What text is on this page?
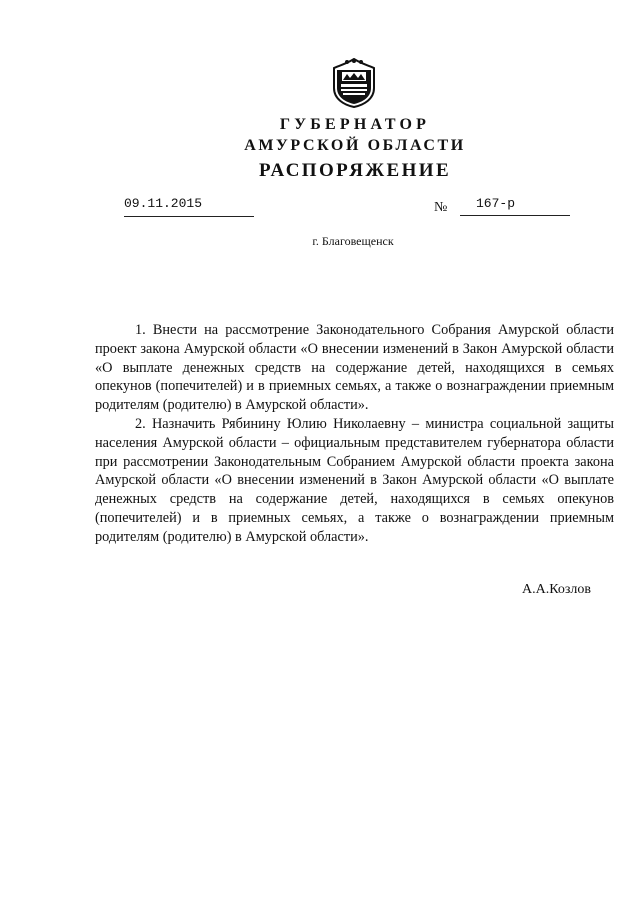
ГУБЕРНАТОР
АМУРСКОЙ ОБЛАСТИ
РАСПОРЯЖЕНИЕ
09.11.2015	№	167-р
г. Благовещенск

1. Внести на рассмотрение Законодательного Собрания Амурской области проект закона Амурской области «О внесении изменений в Закон Амурской области «О выплате денежных средств на содержание детей, находящихся в семьях опекунов (попечителей) и в приемных семьях, а также о вознаграждении приемным родителям (родителю) в Амурской области».

2. Назначить Рябинину Юлию Николаевну – министра социальной защиты населения Амурской области – официальным представителем губернатора области при рассмотрении Законодательным Собранием Амурской области проекта закона Амурской области «О внесении изменений в Закон Амурской области «О выплате денежных средств на содержание детей, находящихся в семьях опекунов (попечителей) и в приемных семьях, а также о вознаграждении приемным родителям (родителю) в Амурской области».

А.А.Козлов
